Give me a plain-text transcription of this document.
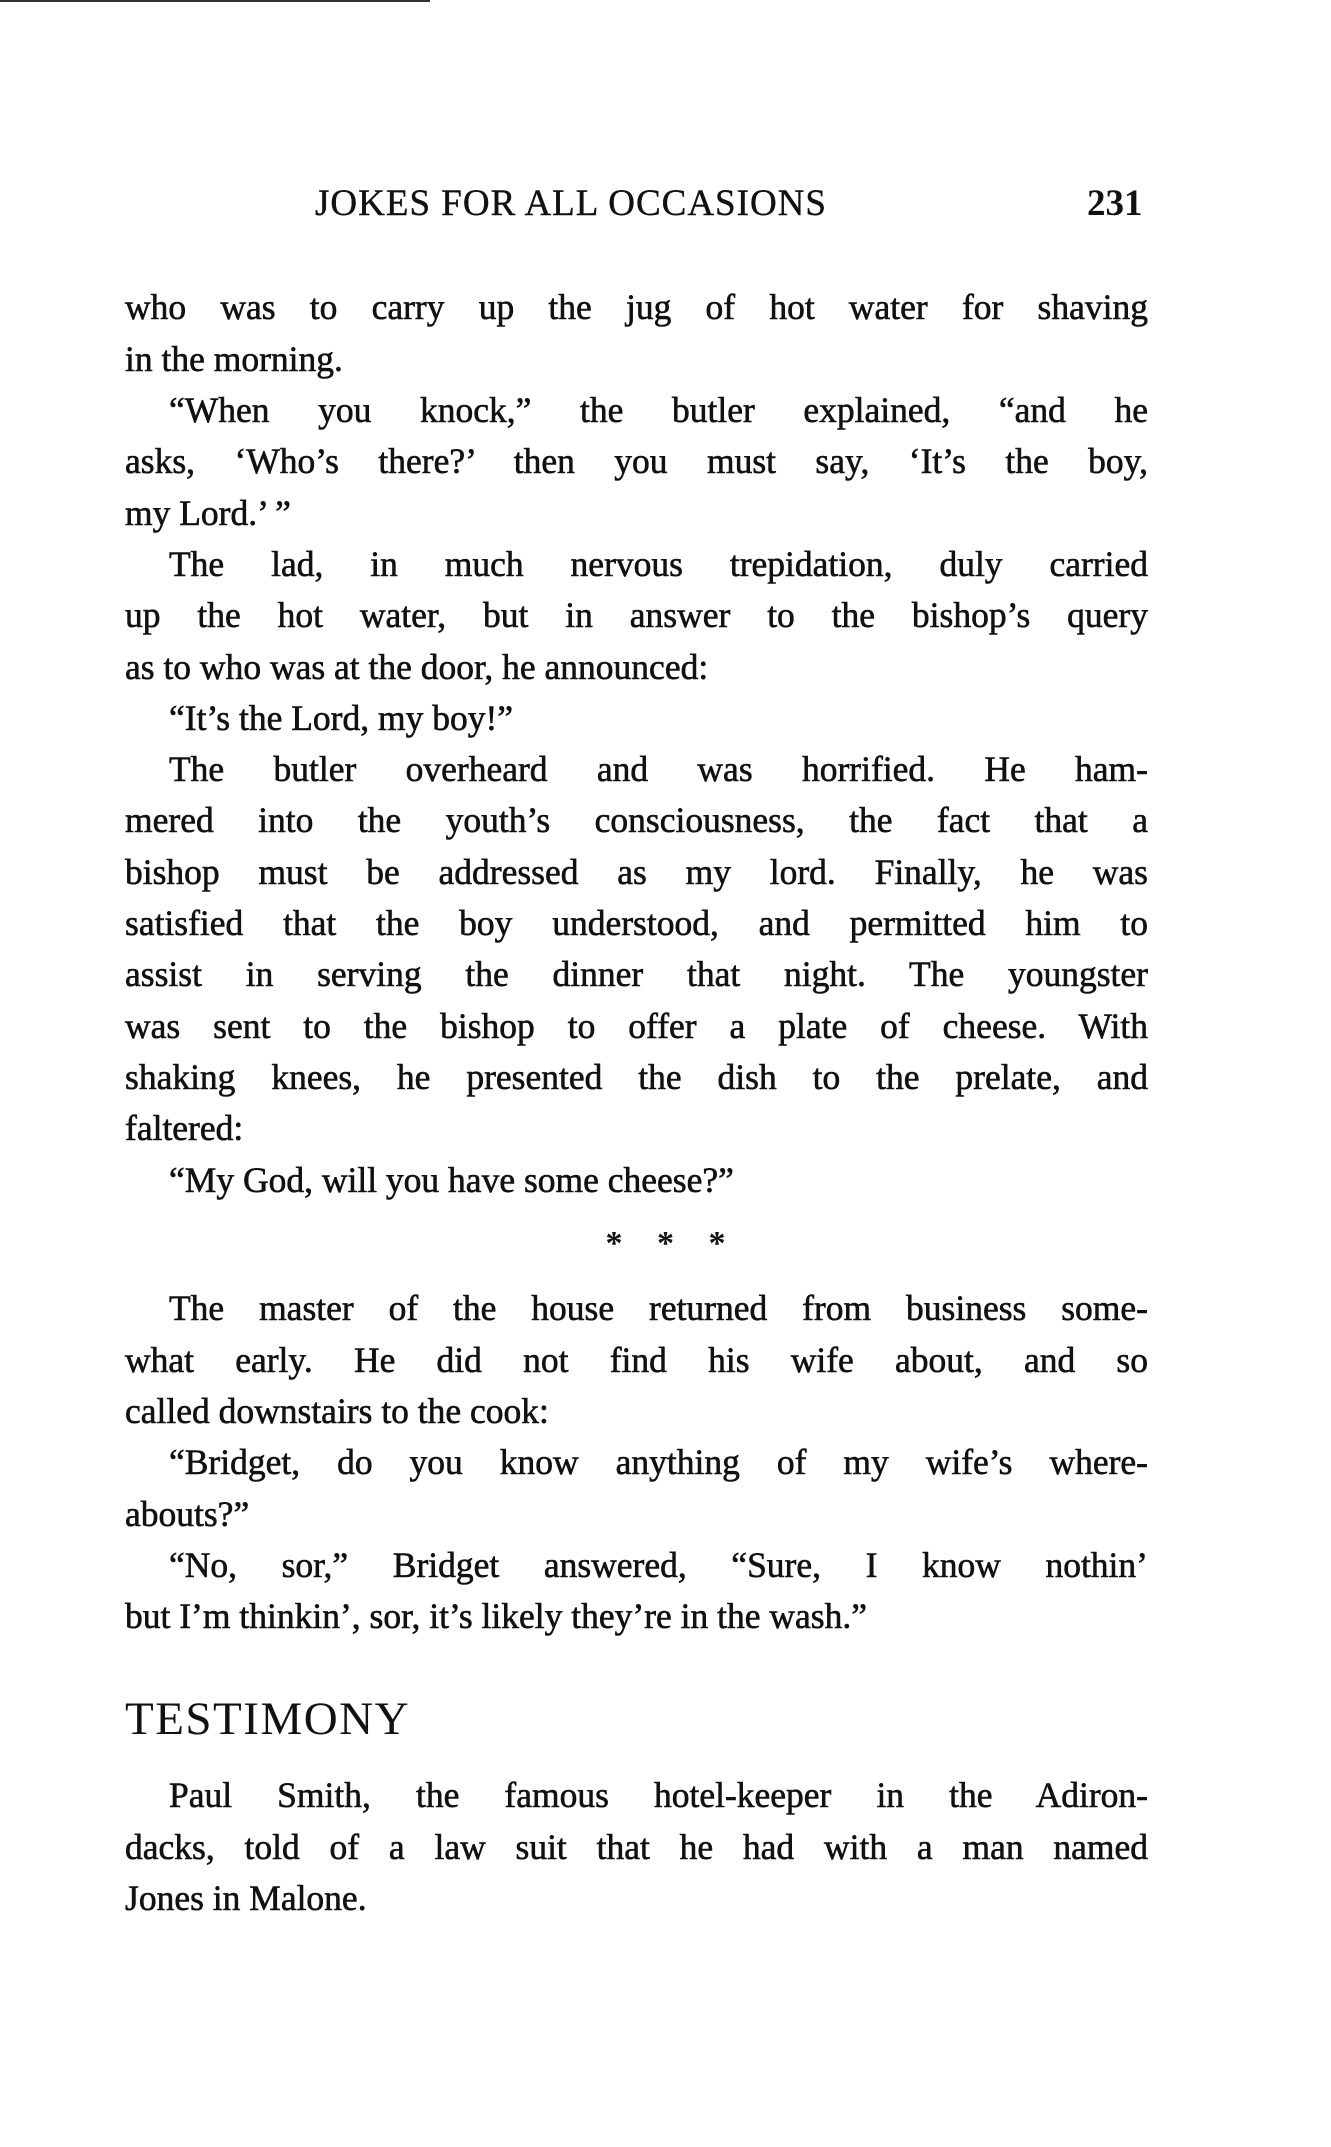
JOKES FOR ALL OCCASIONS	231
* * *
TESTIMONY
who was to carry up the jug of hot water for shaving
in the morning.
“When you knock,” the butler explained, “and he
asks, ‘Who’s there?’ then you must say, ‘It’s the boy,
my Lord.’ ”
The lad, in much nervous trepidation, duly carried
up the hot water, but in answer to the bishop’s query
as to who was at the door, he announced:
“It’s the Lord, my boy!”
The butler overheard and was horrified. He ham-
mered into the youth’s consciousness, the fact that a
bishop must be addressed as my lord. Finally, he was
satisfied that the boy understood, and permitted him to
assist in serving the dinner that night. The youngster
was sent to the bishop to offer a plate of cheese. With
shaking knees, he presented the dish to the prelate, and
faltered:
“My God, will you have some cheese?”
The master of the house returned from business some-
what early. He did not find his wife about, and so
called downstairs to the cook:
“Bridget, do you know anything of my wife’s where-
abouts?”
“No, sor,” Bridget answered, “Sure, I know nothin’
but I’m thinkin’, sor, it’s likely they’re in the wash.”
Paul Smith, the famous hotel-keeper in the Adiron-
dacks, told of a law suit that he had with a man named
Jones in Malone.
